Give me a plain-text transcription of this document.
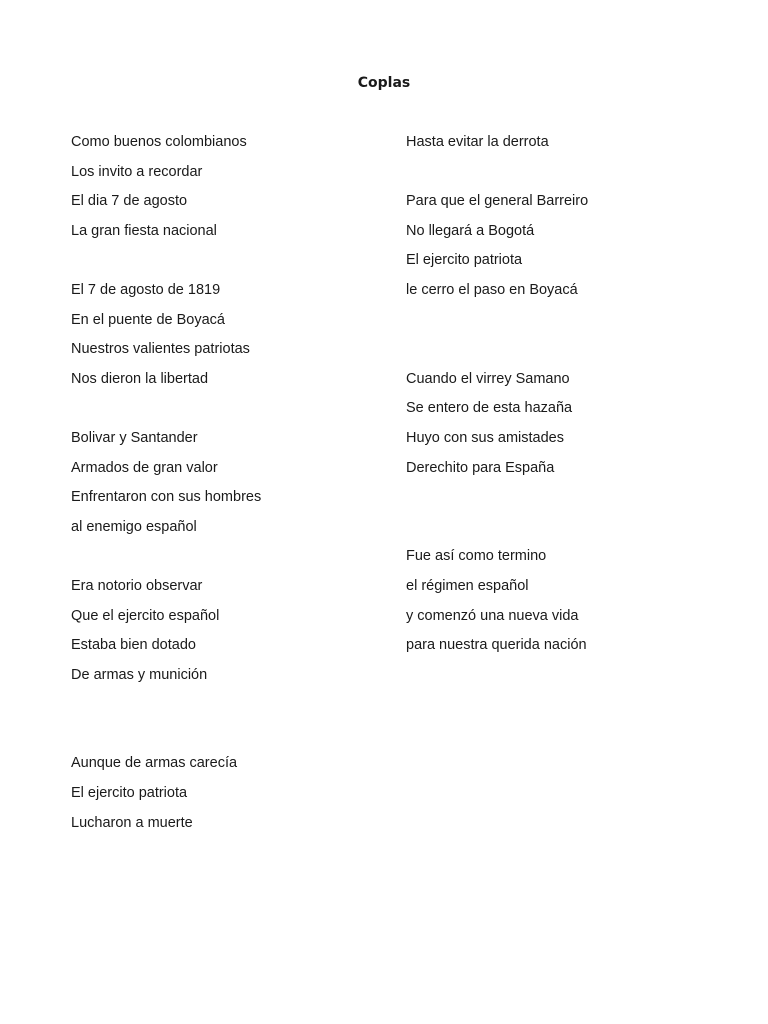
Coplas
Como buenos colombianos
Los invito a recordar
El dia 7 de agosto
La gran fiesta nacional
El 7 de agosto de 1819
En el puente de Boyacá
Nuestros valientes patriotas
Nos dieron la libertad
Bolivar y Santander
Armados de gran valor
Enfrentaron con sus hombres
al enemigo español
Era notorio observar
Que el ejercito español
Estaba bien dotado
De armas y munición
Aunque de armas carecía
El ejercito patriota
Lucharon a muerte
Hasta evitar la derrota
Para que el general Barreiro
No llegará a Bogotá
El ejercito patriota
le cerro el paso en Boyacá
Cuando el virrey Samano
Se entero de esta hazaña
Huyo con sus amistades
Derechito para España
Fue así como termino
el régimen español
y comenzó una nueva vida
para nuestra querida nación
